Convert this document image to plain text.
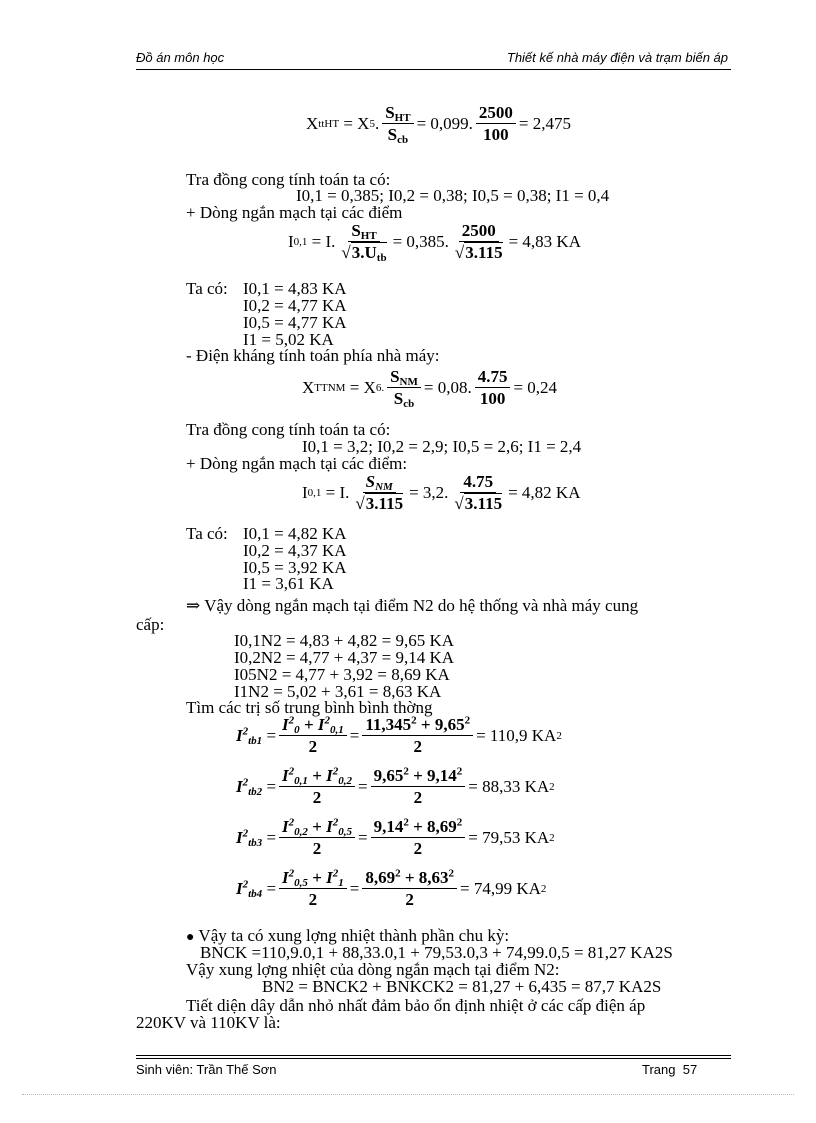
Đồ án môn học	Thiết kế nhà máy điện và trạm biến áp
X ttHT
= X 5 . $\frac{S_{HT}}{S_{cb}} = 0,099$. $\frac{2500}{100} = 2,475$
Tra đồng cong tính toán ta có:
I0,1 = 0,385; I0,2 = 0,38; I0,5 = 0,38; I1 = 0,4
+ Dòng ngắn mạch tại các điểm
I 0,1
= I. $\frac{S_{HT}}{√3.U_{tb}} = 0,385$. $\frac{2500}{√3.115} = 4,83$ KA
Ta có: I0,1 = 4,83 KA
I0,2 = 4,77 KA
I0,5 = 4,77 KA
I1 = 5,02 KA
- Điện kháng tính toán phía nhà máy:
X TTNM
= X 6. $\frac{S_{NM}}{S_{cb}} = 0,08$. $\frac{4.75}{100} = 0,24$
Tra đồng cong tính toán ta có:
I0,1 = 3,2; I0,2 = 2,9; I0,5 = 2,6; I1 = 2,4
+ Dòng ngắn mạch tại các điểm:
I 0,1
= I. $\frac{S_{NM}}{√3.115} = 3,2$. $\frac{4.75}{√3.115} = 4,82$ KA
Ta có: I0,1 = 4,82 KA
I0,2 = 4,37 KA
I0,5 = 3,92 KA
I1 = 3,61 KA
⇒ Vậy dòng ngắn mạch tại điểm N2 do hệ thống và nhà máy cung
cấp:
I0,1N2 = 4,83 + 4,82 = 9,65 KA
I0,2N2 = 4,77 + 4,37 = 9,14 KA
I05N2 = 4,77 + 3,92 = 8,69 KA
I1N2 = 5,02 + 3,61 = 8,63 KA
Tìm các trị số trung bình bình thờng
$I^2_{tb1} = \frac{I^2_0 + I^2_{0,1}}{2} = \frac{11,345^2 + 9,65^2}{2} = 110,9$ KA 2
$I^2_{tb2} = \frac{I^2_{0,1} + I^2_{0,2}}{2} = \frac{9,65^2 + 9,14^2}{2} = 88,33$ KA 2
$I^2_{tb3} = \frac{I^2_{0,2} + I^2_{0,5}}{2} = \frac{9,14^2 + 8,69^2}{2} = 79,53$ KA 2
$I^2_{tb4} = \frac{I^2_{0,5} + I^2_1}{2} = \frac{8,69^2 + 8,63^2}{2} = 74,99$ KA 2
● Vậy ta có xung lợng nhiệt thành phần chu kỳ:
BNCK =110,9.0,1 + 88,33.0,1 + 79,53.0,3 + 74,99.0,5 = 81,27 KA2S
Vậy xung lợng nhiệt của dòng ngắn mạch tại điểm N2:
BN2 = BNCK2 + BNKCK2 = 81,27 + 6,435 = 87,7 KA2S
Tiết diện dây dẫn nhỏ nhất đảm bảo ổn định nhiệt ở các cấp điện áp
220KV và 110KV là:
Sinh viên: Trần Thế Sơn	Trang 57
